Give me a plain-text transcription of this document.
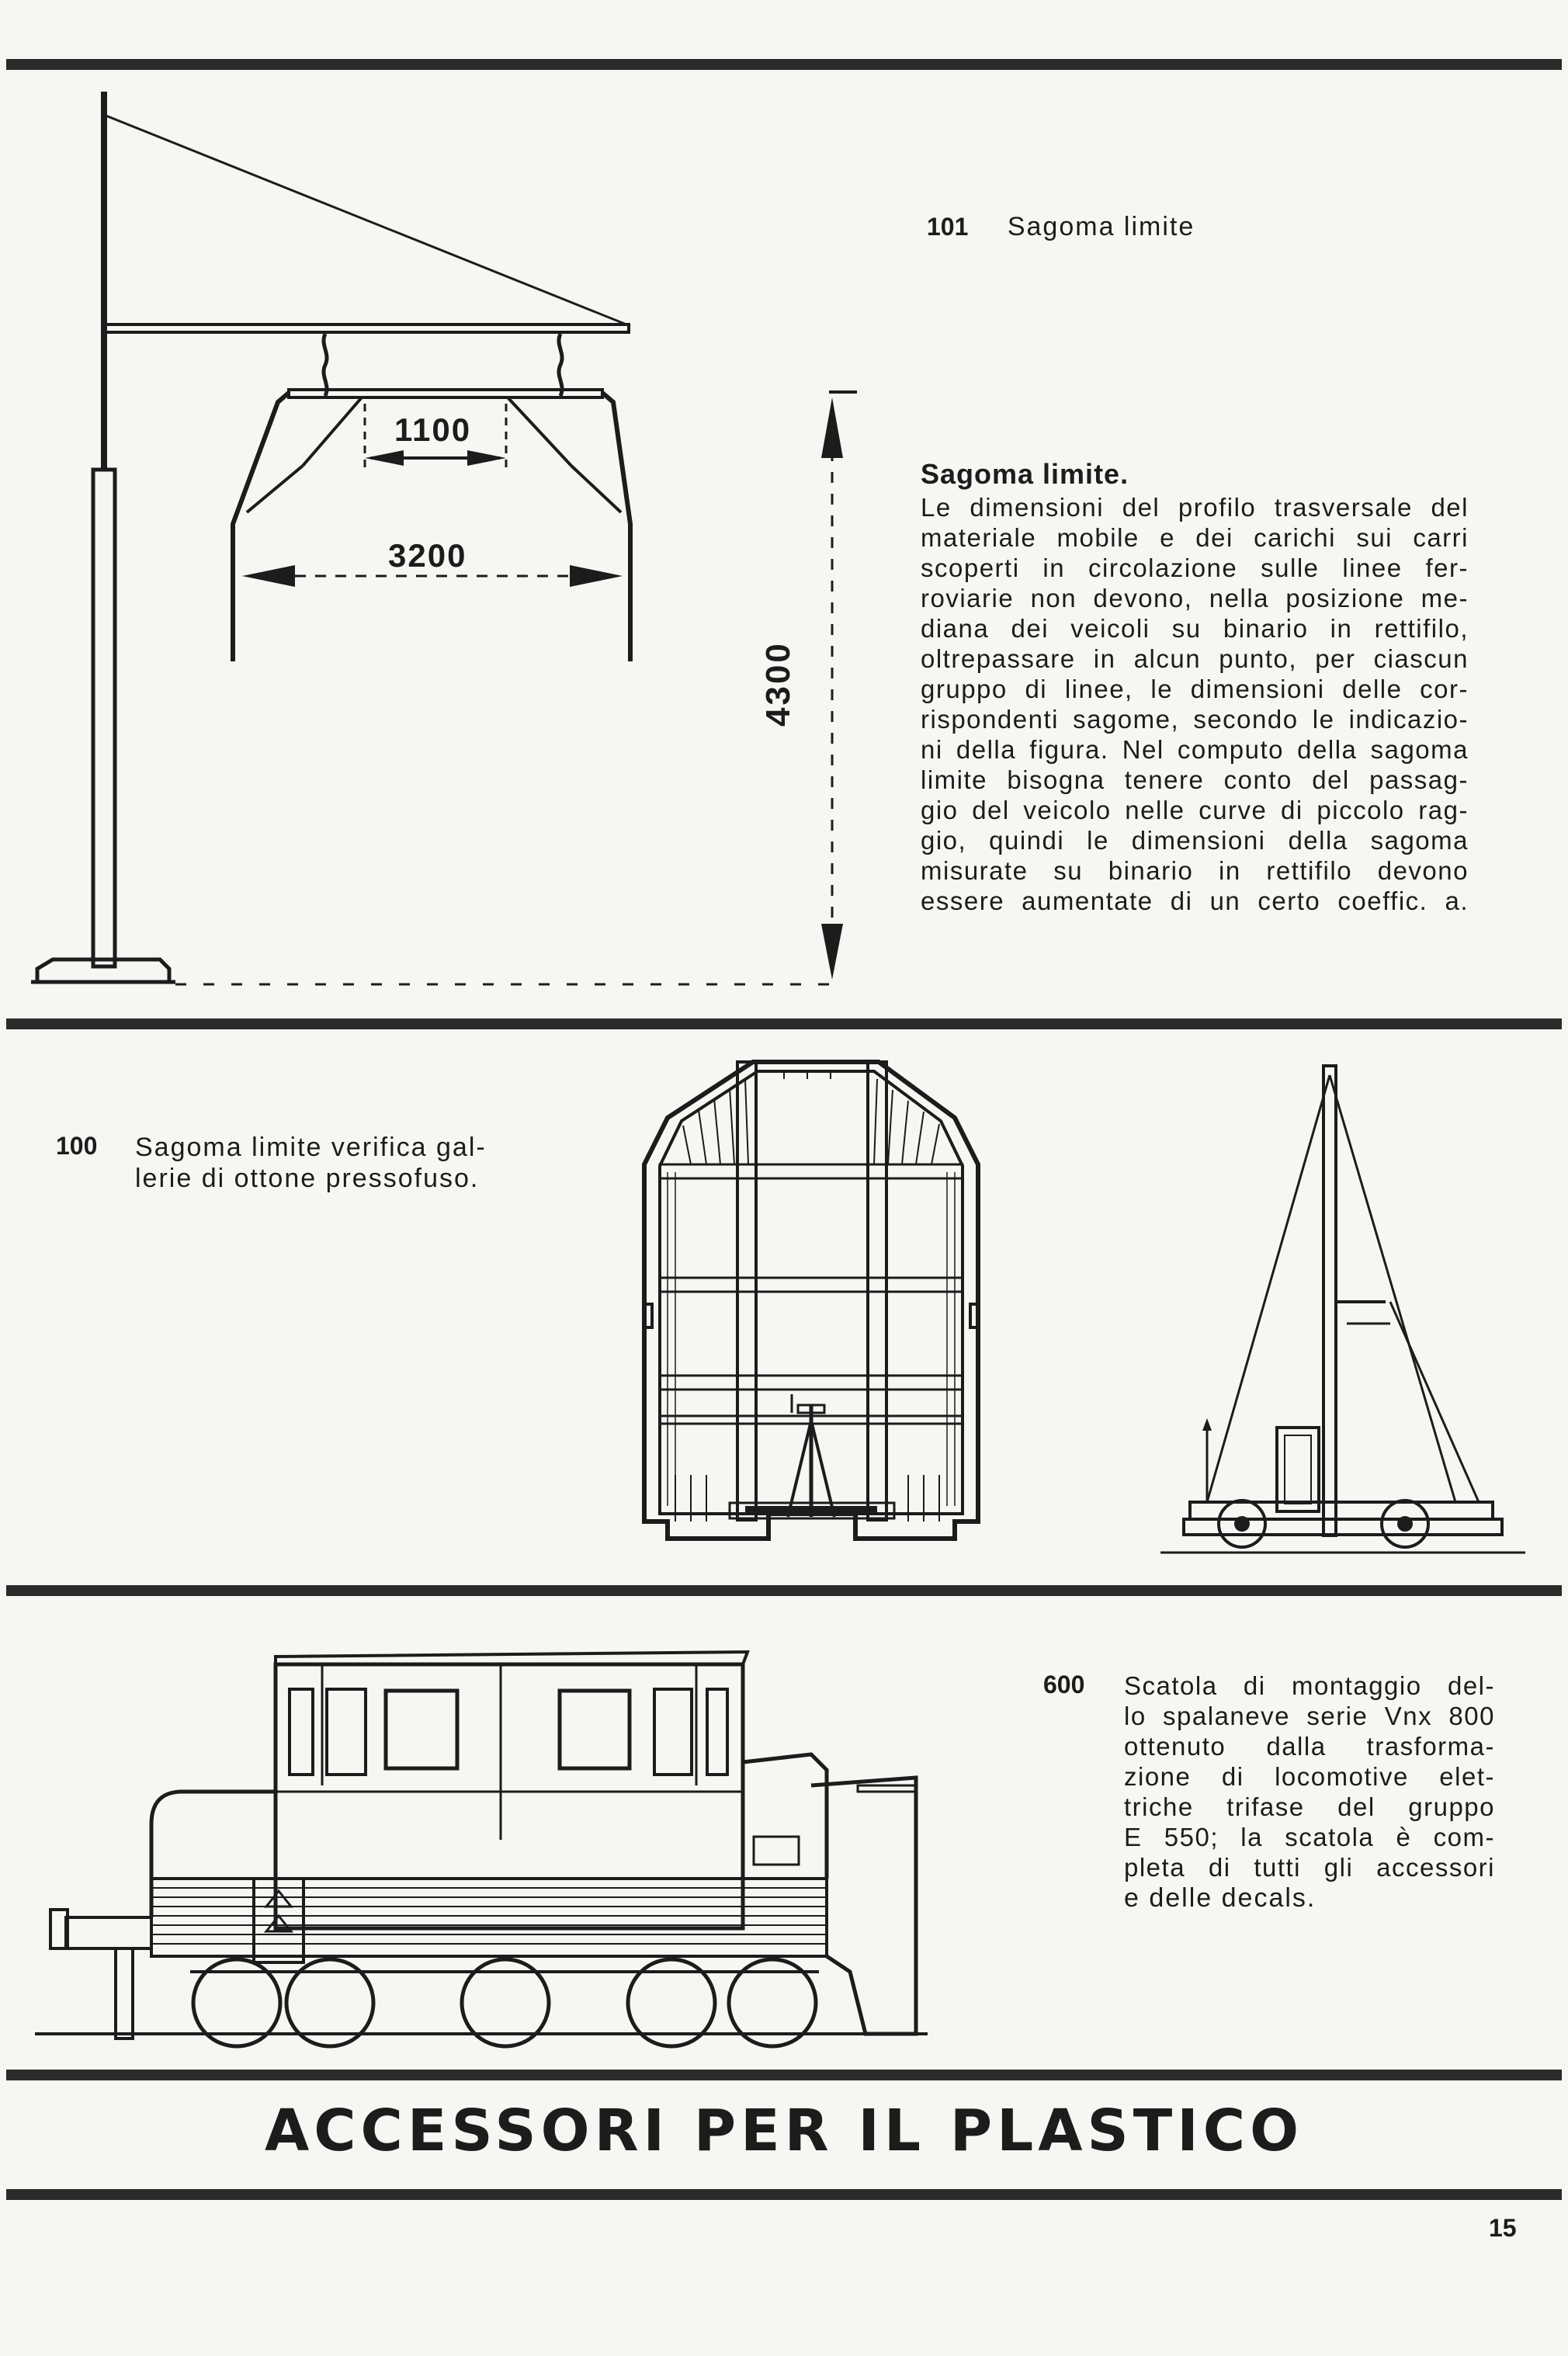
101 Sagoma limite
1100
3200
4300
Sagoma limite.
Le dimensioni del profilo trasversale del
materiale mobile e dei carichi sui carri
scoperti in circolazione sulle linee fer-
roviarie non devono, nella posizione me-
diana dei veicoli su binario in rettifilo,
oltrepassare in alcun punto, per ciascun
gruppo di linee, le dimensioni delle cor-
rispondenti sagome, secondo le indicazio-
ni della figura. Nel computo della sagoma
limite bisogna tenere conto del passag-
gio del veicolo nelle curve di piccolo rag-
gio, quindi le dimensioni della sagoma
misurate su binario in rettifilo devono
essere aumentate di un certo coeffic. a.
100	Sagoma limite verifica gal-
lerie di ottone pressofuso.
600	Scatola di montaggio del-
lo spalaneve serie Vnx 800
ottenuto dalla trasforma-
zione di locomotive elet-
triche trifase del gruppo
E 550; la scatola è com-
pleta di tutti gli accessori
e delle decals.
ACCESSORI PER IL PLASTICO
15
